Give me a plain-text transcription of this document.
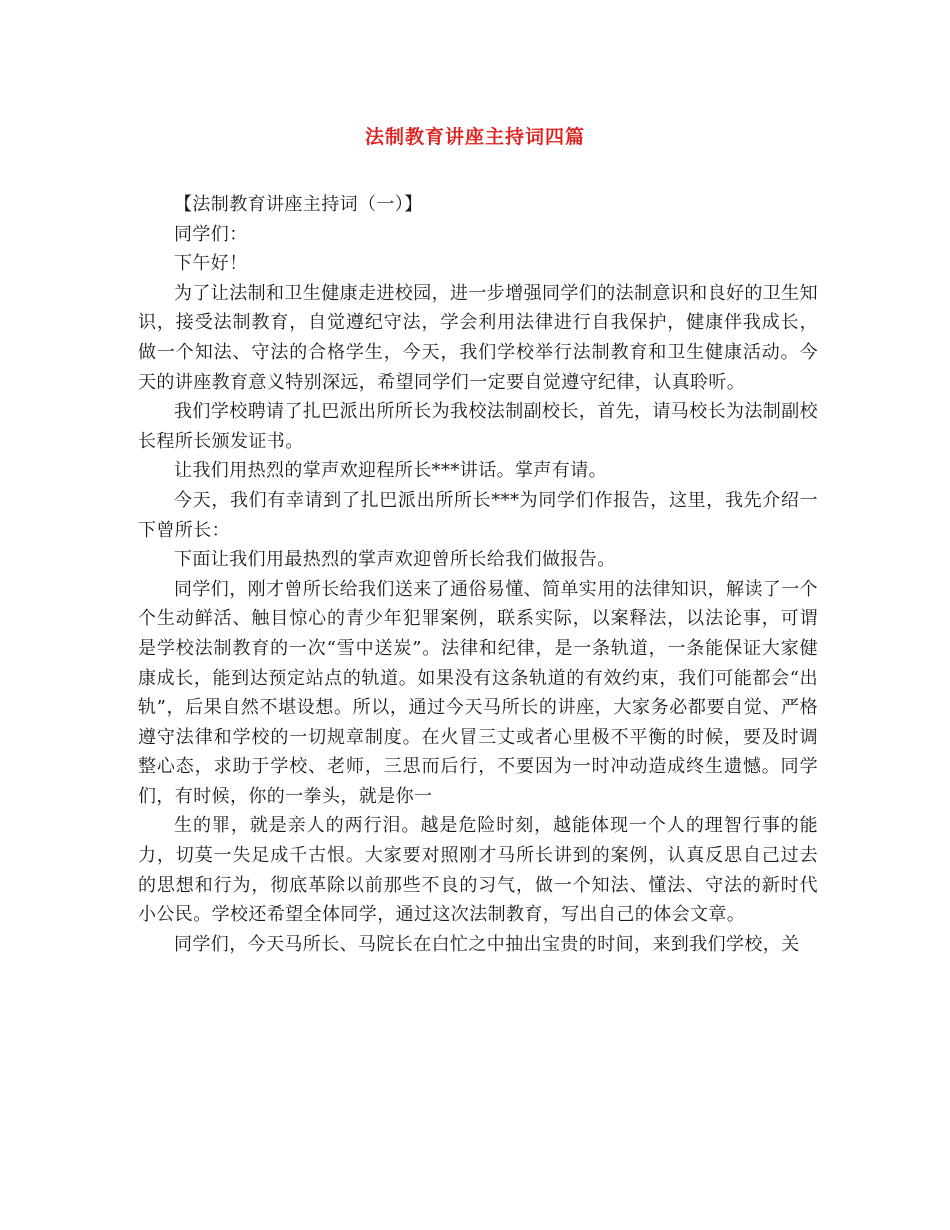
法制教育讲座主持词四篇

【法制教育讲座主持词（一）】

同学们：

下午好！

为了让法制和卫生健康走进校园，进一步增强同学们的法制意识和良好的卫生知识，接受法制教育，自觉遵纪守法，学会利用法律进行自我保护，健康伴我成长，做一个知法、守法的合格学生，今天，我们学校举行法制教育和卫生健康活动。今天的讲座教育意义特别深远，希望同学们一定要自觉遵守纪律，认真聆听。

我们学校聘请了扎巴派出所所长为我校法制副校长，首先，请马校长为法制副校长程所长颁发证书。

让我们用热烈的掌声欢迎程所长***讲话。掌声有请。

今天，我们有幸请到了扎巴派出所所长***为同学们作报告，这里，我先介绍一下曾所长：

下面让我们用最热烈的掌声欢迎曾所长给我们做报告。

同学们，刚才曾所长给我们送来了通俗易懂、简单实用的法律知识，解读了一个个生动鲜活、触目惊心的青少年犯罪案例，联系实际，以案释法，以法论事，可谓是学校法制教育的一次“雪中送炭”。法律和纪律，是一条轨道，一条能保证大家健康成长，能到达预定站点的轨道。如果没有这条轨道的有效约束，我们可能都会“出轨”，后果自然不堪设想。所以，通过今天马所长的讲座，大家务必都要自觉、严格遵守法律和学校的一切规章制度。在火冒三丈或者心里极不平衡的时候，要及时调整心态，求助于学校、老师，三思而后行，不要因为一时冲动造成终生遗憾。同学们，有时候，你的一拳头，就是你一

生的罪，就是亲人的两行泪。越是危险时刻，越能体现一个人的理智行事的能力，切莫一失足成千古恨。大家要对照刚才马所长讲到的案例，认真反思自己过去的思想和行为，彻底革除以前那些不良的习气，做一个知法、懂法、守法的新时代小公民。学校还希望全体同学，通过这次法制教育，写出自己的体会文章。

同学们，今天马所长、马院长在白忙之中抽出宝贵的时间，来到我们学校，关
